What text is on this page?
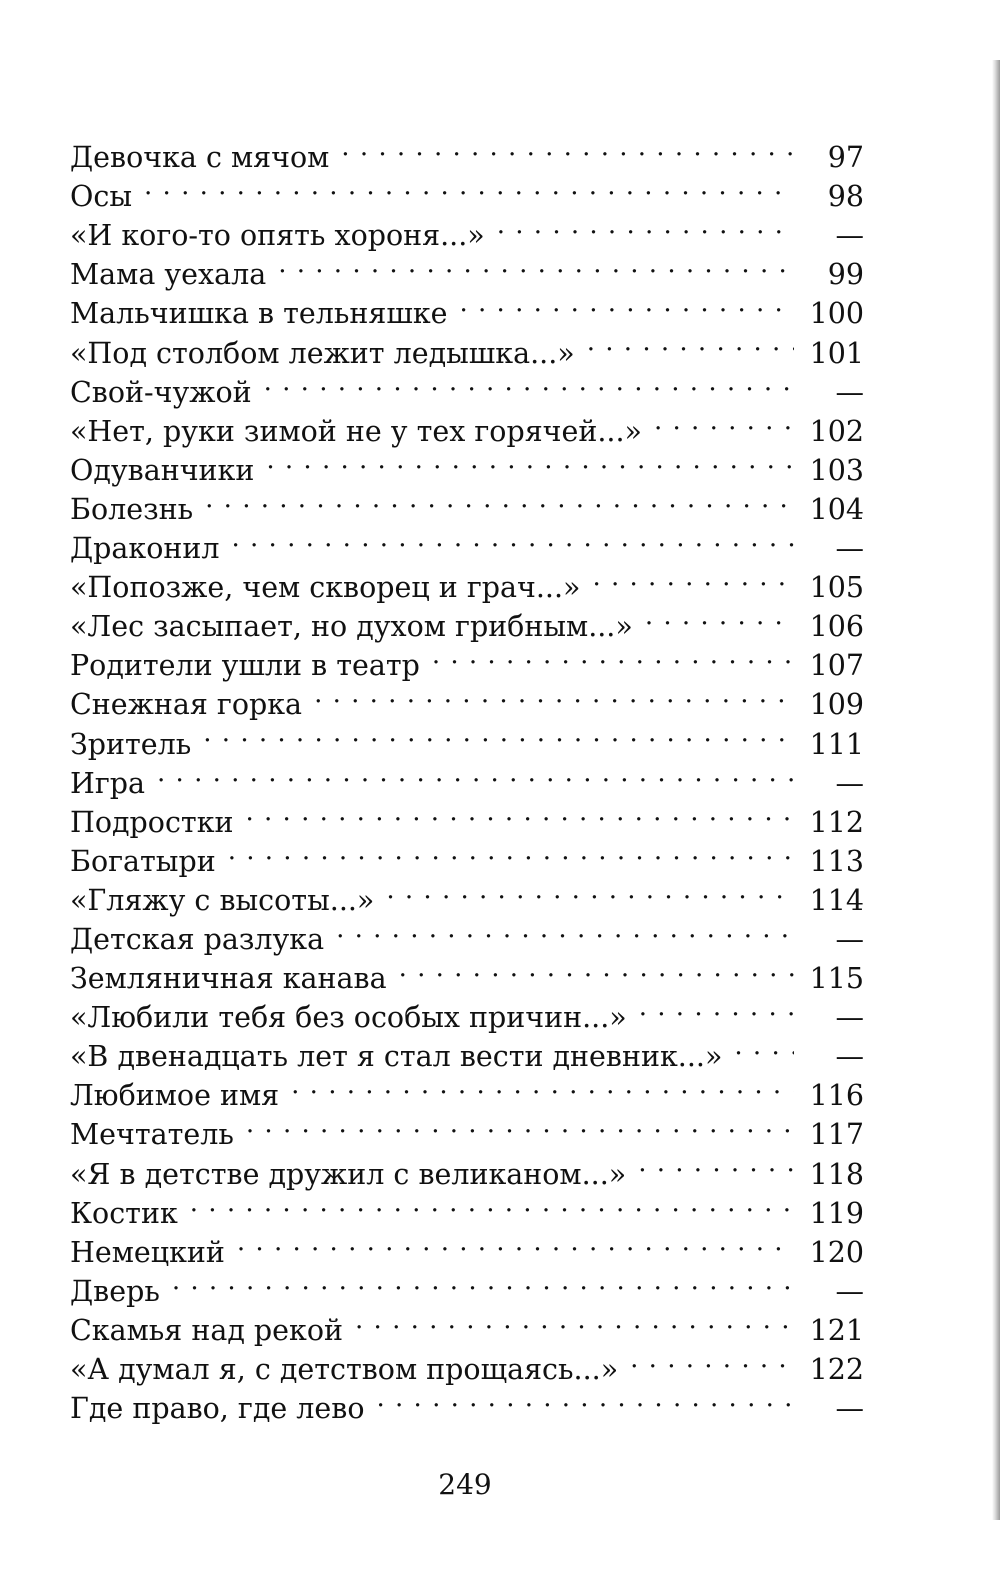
Девочка с мячом . . .	97
Осы . . .	98
«И кого-то опять хороня...» . . .	—
Мама уехала . . .	99
Мальчишка в тельняшке . . .	100
«Под столбом лежит ледышка...» . . .	101
Свой-чужой . . .	—
«Нет, руки зимой не у тех горячей...» . . .	102
Одуванчики . . .	103
Болезнь . . .	104
Драконил . . .	—
«Попозже, чем скворец и грач...» . . .	105
«Лес засыпает, но духом грибным...» . . .	106
Родители ушли в театр . . .	107
Снежная горка . . .	109
Зритель . . .	111
Игра . . .	—
Подростки . . .	112
Богатыри . . .	113
«Гляжу с высоты...» . . .	114
Детская разлука . . .	—
Земляничная канава . . .	115
«Любили тебя без особых причин...» . . .	—
«В двенадцать лет я стал вести дневник...» . . .	—
Любимое имя . . .	116
Мечтатель . . .	117
«Я в детстве дружил с великаном...» . . .	118
Костик . . .	119
Немецкий . . .	120
Дверь . . .	—
Скамья над рекой . . .	121
«А думал я, с детством прощаясь...» . . .	122
Где право, где лево . . .	—
249
